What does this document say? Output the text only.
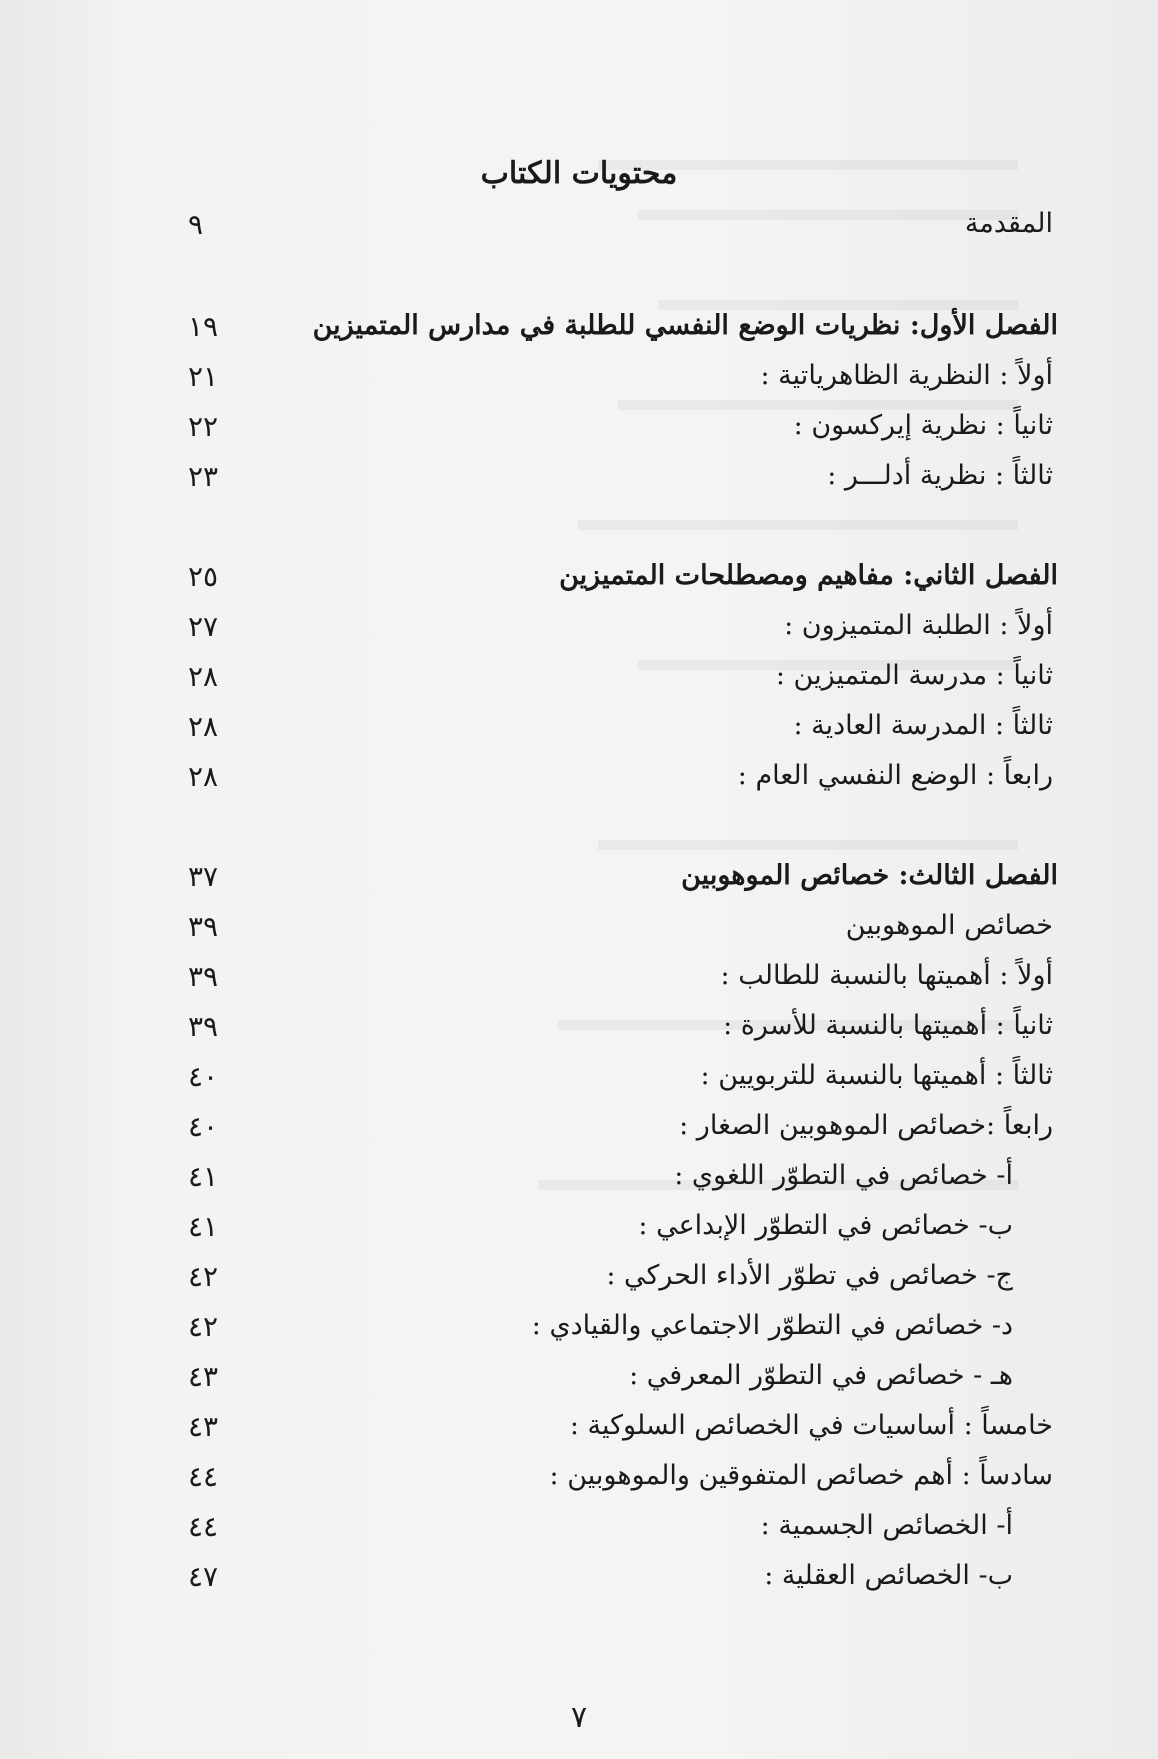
محتويات الكتاب
المقدمة
٩
الفصل الأول: نظريات الوضع النفسي للطلبة في مدارس المتميزين
١٩
أولاً : النظرية الظاهرياتية :
٢١
ثانياً : نظرية إيركسون :
٢٢
ثالثاً : نظرية أدلـــر :
٢٣
الفصل الثاني: مفاهيم ومصطلحات المتميزين
٢٥
أولاً : الطلبة المتميزون :
٢٧
ثانياً : مدرسة المتميزين :
٢٨
ثالثاً : المدرسة العادية :
٢٨
رابعاً : الوضع النفسي العام :
٢٨
الفصل الثالث: خصائص الموهوبين
٣٧
خصائص الموهوبين
٣٩
أولاً : أهميتها بالنسبة للطالب :
٣٩
ثانياً : أهميتها بالنسبة للأسرة :
٣٩
ثالثاً : أهميتها بالنسبة للتربويين :
٤٠
رابعاً :خصائص الموهوبين الصغار :
٤٠
أ- خصائص في التطوّر اللغوي :
٤١
ب- خصائص في التطوّر الإبداعي :
٤١
ج- خصائص في تطوّر الأداء الحركي :
٤٢
د- خصائص في التطوّر الاجتماعي والقيادي :
٤٢
هـ - خصائص في التطوّر المعرفي :
٤٣
خامساً : أساسيات في الخصائص السلوكية :
٤٣
سادساً : أهم خصائص المتفوقين والموهوبين :
٤٤
أ- الخصائص الجسمية :
٤٤
ب- الخصائص العقلية :
٤٧
٧
